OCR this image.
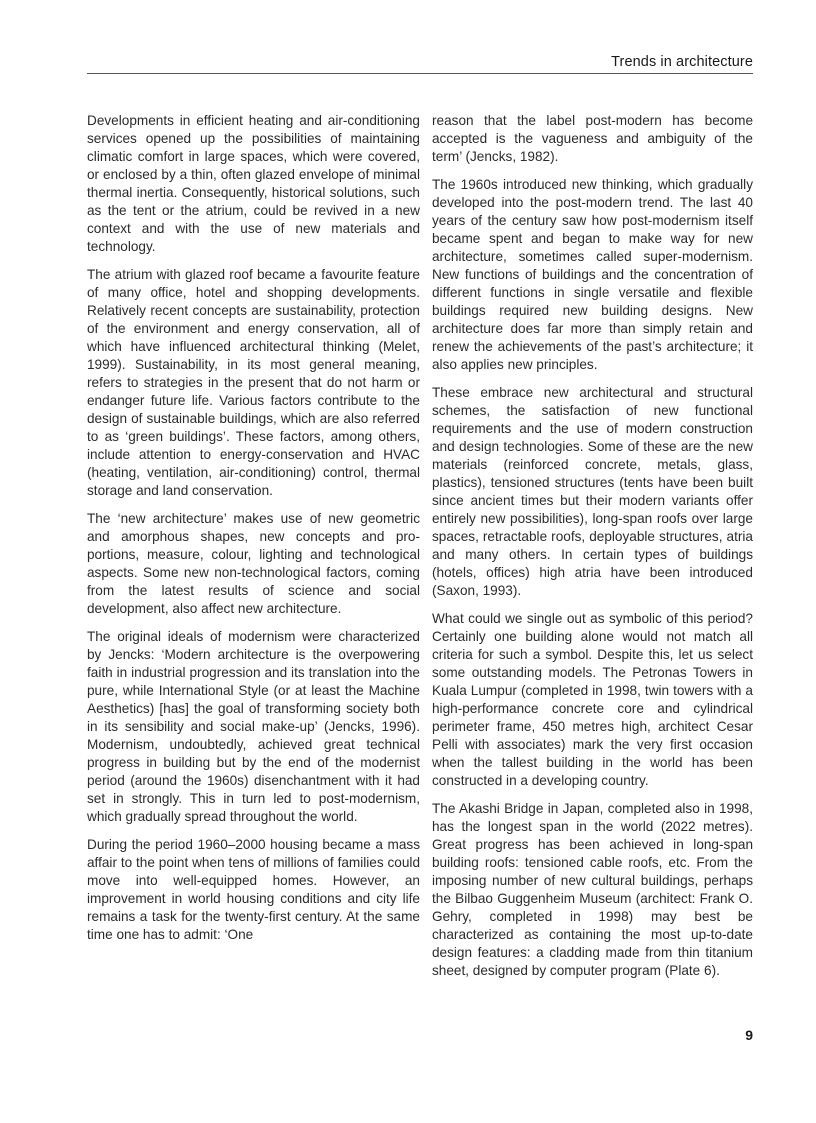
Trends in architecture

Developments in efficient heating and air-conditioning services opened up the possibilities of maintaining climatic comfort in large spaces, which were covered, or enclosed by a thin, often glazed envelope of minimal thermal inertia. Consequently, historical solutions, such as the tent or the atrium, could be revived in a new context and with the use of new materials and technology.

The atrium with glazed roof became a favourite feature of many office, hotel and shopping developments. Relatively recent concepts are sustainability, protection of the environment and energy conservation, all of which have influenced architectural thinking (Melet, 1999). Sustainability, in its most general meaning, refers to strategies in the present that do not harm or endanger future life. Various factors contribute to the design of sustainable buildings, which are also referred to as ‘green buildings’. These factors, among others, include attention to energy-conservation and HVAC (heating, ventilation, air-conditioning) control, thermal storage and land conservation.

The ‘new architecture’ makes use of new geometric and amorphous shapes, new concepts and proportions, measure, colour, lighting and technological aspects. Some new non-technological factors, coming from the latest results of science and social development, also affect new architecture.

The original ideals of modernism were characterized by Jencks: ‘Modern architecture is the overpowering faith in industrial progression and its translation into the pure, while International Style (or at least the Machine Aesthetics) [has] the goal of transforming society both in its sensibility and social make-up’ (Jencks, 1996). Modernism, undoubtedly, achieved great technical progress in building but by the end of the modernist period (around the 1960s) disenchantment with it had set in strongly. This in turn led to post-modernism, which gradually spread throughout the world.

During the period 1960–2000 housing became a mass affair to the point when tens of millions of families could move into well-equipped homes. However, an improvement in world housing conditions and city life remains a task for the twenty-first century. At the same time one has to admit: ‘One

reason that the label post-modern has become accepted is the vagueness and ambiguity of the term’ (Jencks, 1982).

The 1960s introduced new thinking, which gradually developed into the post-modern trend. The last 40 years of the century saw how post-modernism itself became spent and began to make way for new architecture, sometimes called super-modernism. New functions of buildings and the concentration of different functions in single versatile and flexible buildings required new building designs. New architecture does far more than simply retain and renew the achievements of the past’s architecture; it also applies new principles.

These embrace new architectural and structural schemes, the satisfaction of new functional requirements and the use of modern construction and design technologies. Some of these are the new materials (reinforced concrete, metals, glass, plastics), tensioned structures (tents have been built since ancient times but their modern variants offer entirely new possibilities), long-span roofs over large spaces, retractable roofs, deployable structures, atria and many others. In certain types of buildings (hotels, offices) high atria have been introduced (Saxon, 1993).

What could we single out as symbolic of this period? Certainly one building alone would not match all criteria for such a symbol. Despite this, let us select some outstanding models. The Petronas Towers in Kuala Lumpur (completed in 1998, twin towers with a high-performance concrete core and cylindrical perimeter frame, 450 metres high, architect Cesar Pelli with associates) mark the very first occasion when the tallest building in the world has been constructed in a developing country.

The Akashi Bridge in Japan, completed also in 1998, has the longest span in the world (2022 metres). Great progress has been achieved in long-span building roofs: tensioned cable roofs, etc. From the imposing number of new cultural buildings, perhaps the Bilbao Guggenheim Museum (architect: Frank O. Gehry, completed in 1998) may best be characterized as containing the most up-to-date design features: a cladding made from thin titanium sheet, designed by computer program (Plate 6).

9
